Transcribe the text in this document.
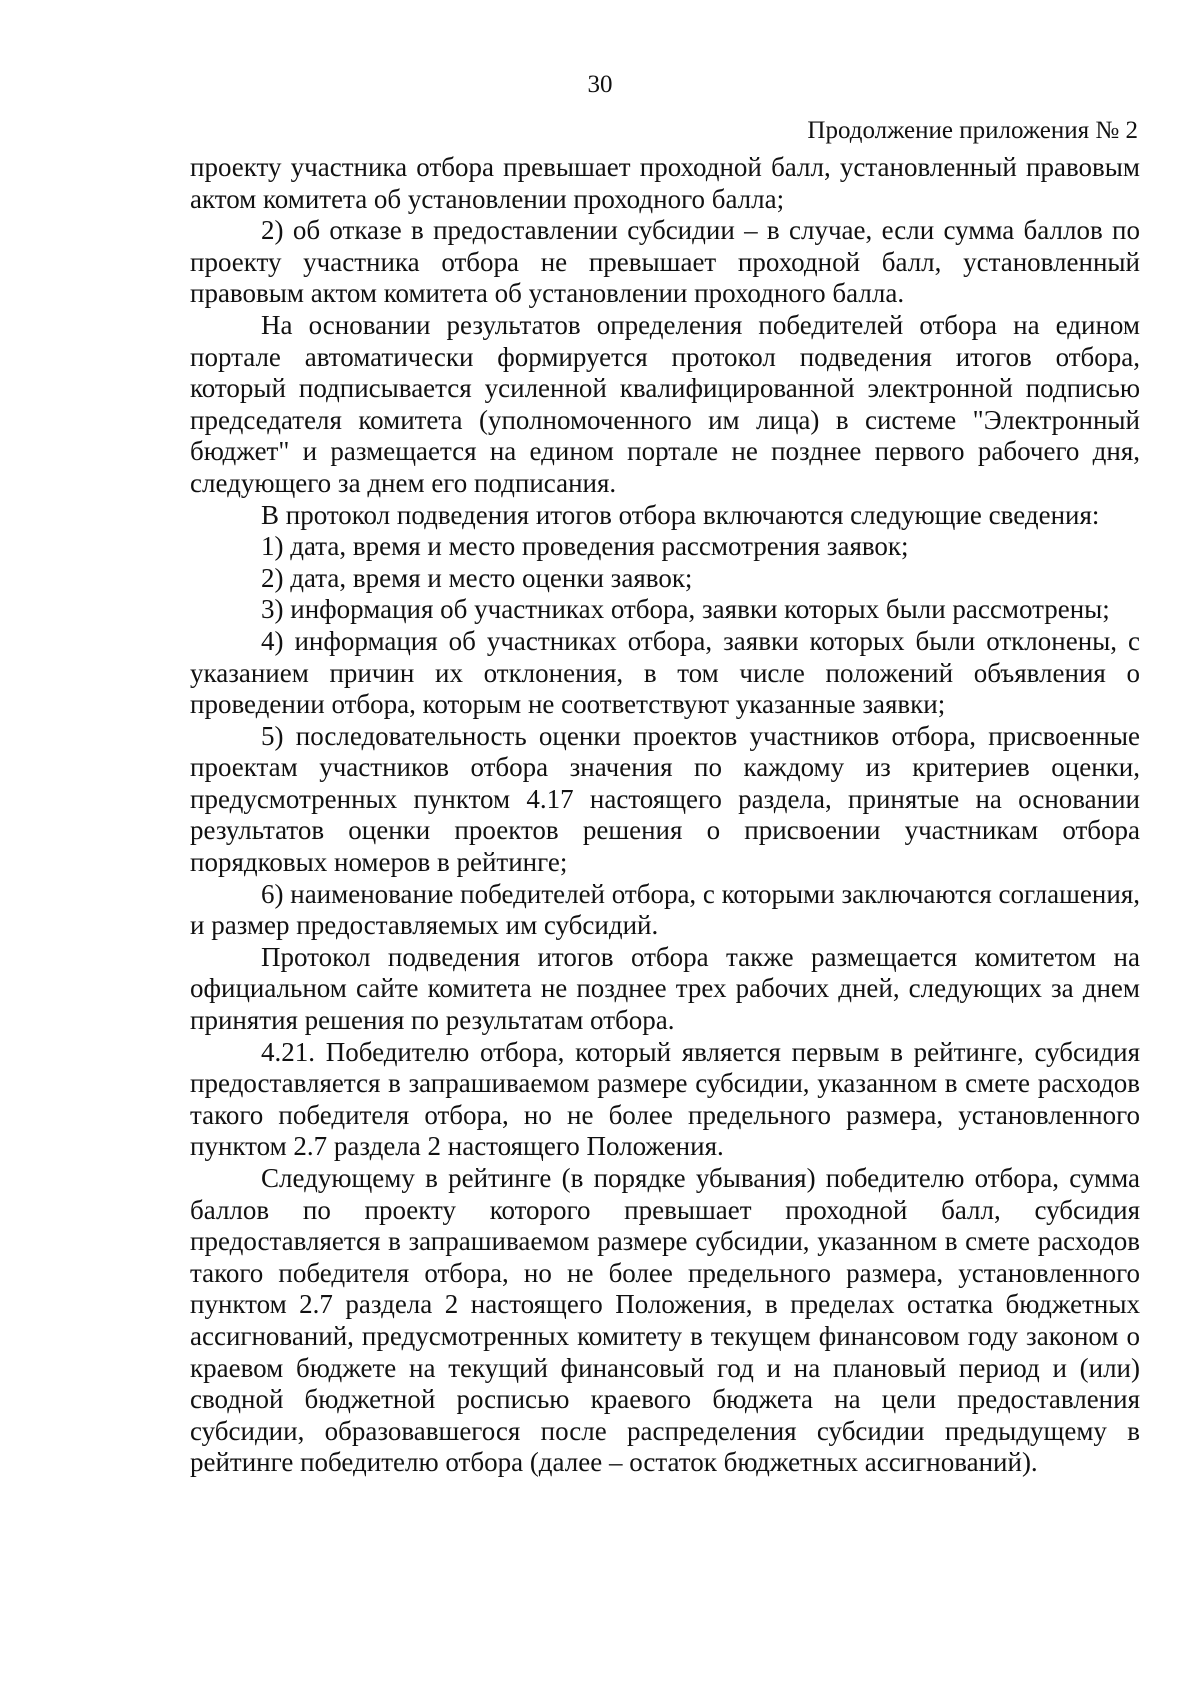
30
Продолжение приложения № 2

проекту участника отбора превышает проходной балл, установленный правовым актом комитета об установлении проходного балла;

2) об отказе в предоставлении субсидии – в случае, если сумма баллов по проекту участника отбора не превышает проходной балл, установленный правовым актом комитета об установлении проходного балла.

На основании результатов определения победителей отбора на едином портале автоматически формируется протокол подведения итогов отбора, который подписывается усиленной квалифицированной электронной подписью председателя комитета (уполномоченного им лица) в системе "Электронный бюджет" и размещается на едином портале не позднее первого рабочего дня, следующего за днем его подписания.

В протокол подведения итогов отбора включаются следующие сведения:

1) дата, время и место проведения рассмотрения заявок;

2) дата, время и место оценки заявок;

3) информация об участниках отбора, заявки которых были рассмотрены;

4) информация об участниках отбора, заявки которых были отклонены, с указанием причин их отклонения, в том числе положений объявления о проведении отбора, которым не соответствуют указанные заявки;

5) последовательность оценки проектов участников отбора, присвоенные проектам участников отбора значения по каждому из критериев оценки, предусмотренных пунктом 4.17 настоящего раздела, принятые на основании результатов оценки проектов решения о присвоении участникам отбора порядковых номеров в рейтинге;

6) наименование победителей отбора, с которыми заключаются соглашения, и размер предоставляемых им субсидий.

Протокол подведения итогов отбора также размещается комитетом на официальном сайте комитета не позднее трех рабочих дней, следующих за днем принятия решения по результатам отбора.

4.21. Победителю отбора, который является первым в рейтинге, субсидия предоставляется в запрашиваемом размере субсидии, указанном в смете расходов такого победителя отбора, но не более предельного размера, установленного пунктом 2.7 раздела 2 настоящего Положения.

Следующему в рейтинге (в порядке убывания) победителю отбора, сумма баллов по проекту которого превышает проходной балл, субсидия предоставляется в запрашиваемом размере субсидии, указанном в смете расходов такого победителя отбора, но не более предельного размера, установленного пунктом 2.7 раздела 2 настоящего Положения, в пределах остатка бюджетных ассигнований, предусмотренных комитету в текущем финансовом году законом о краевом бюджете на текущий финансовый год и на плановый период и (или) сводной бюджетной росписью краевого бюджета на цели предоставления субсидии, образовавшегося после распределения субсидии предыдущему в рейтинге победителю отбора (далее – остаток бюджетных ассигнований).
